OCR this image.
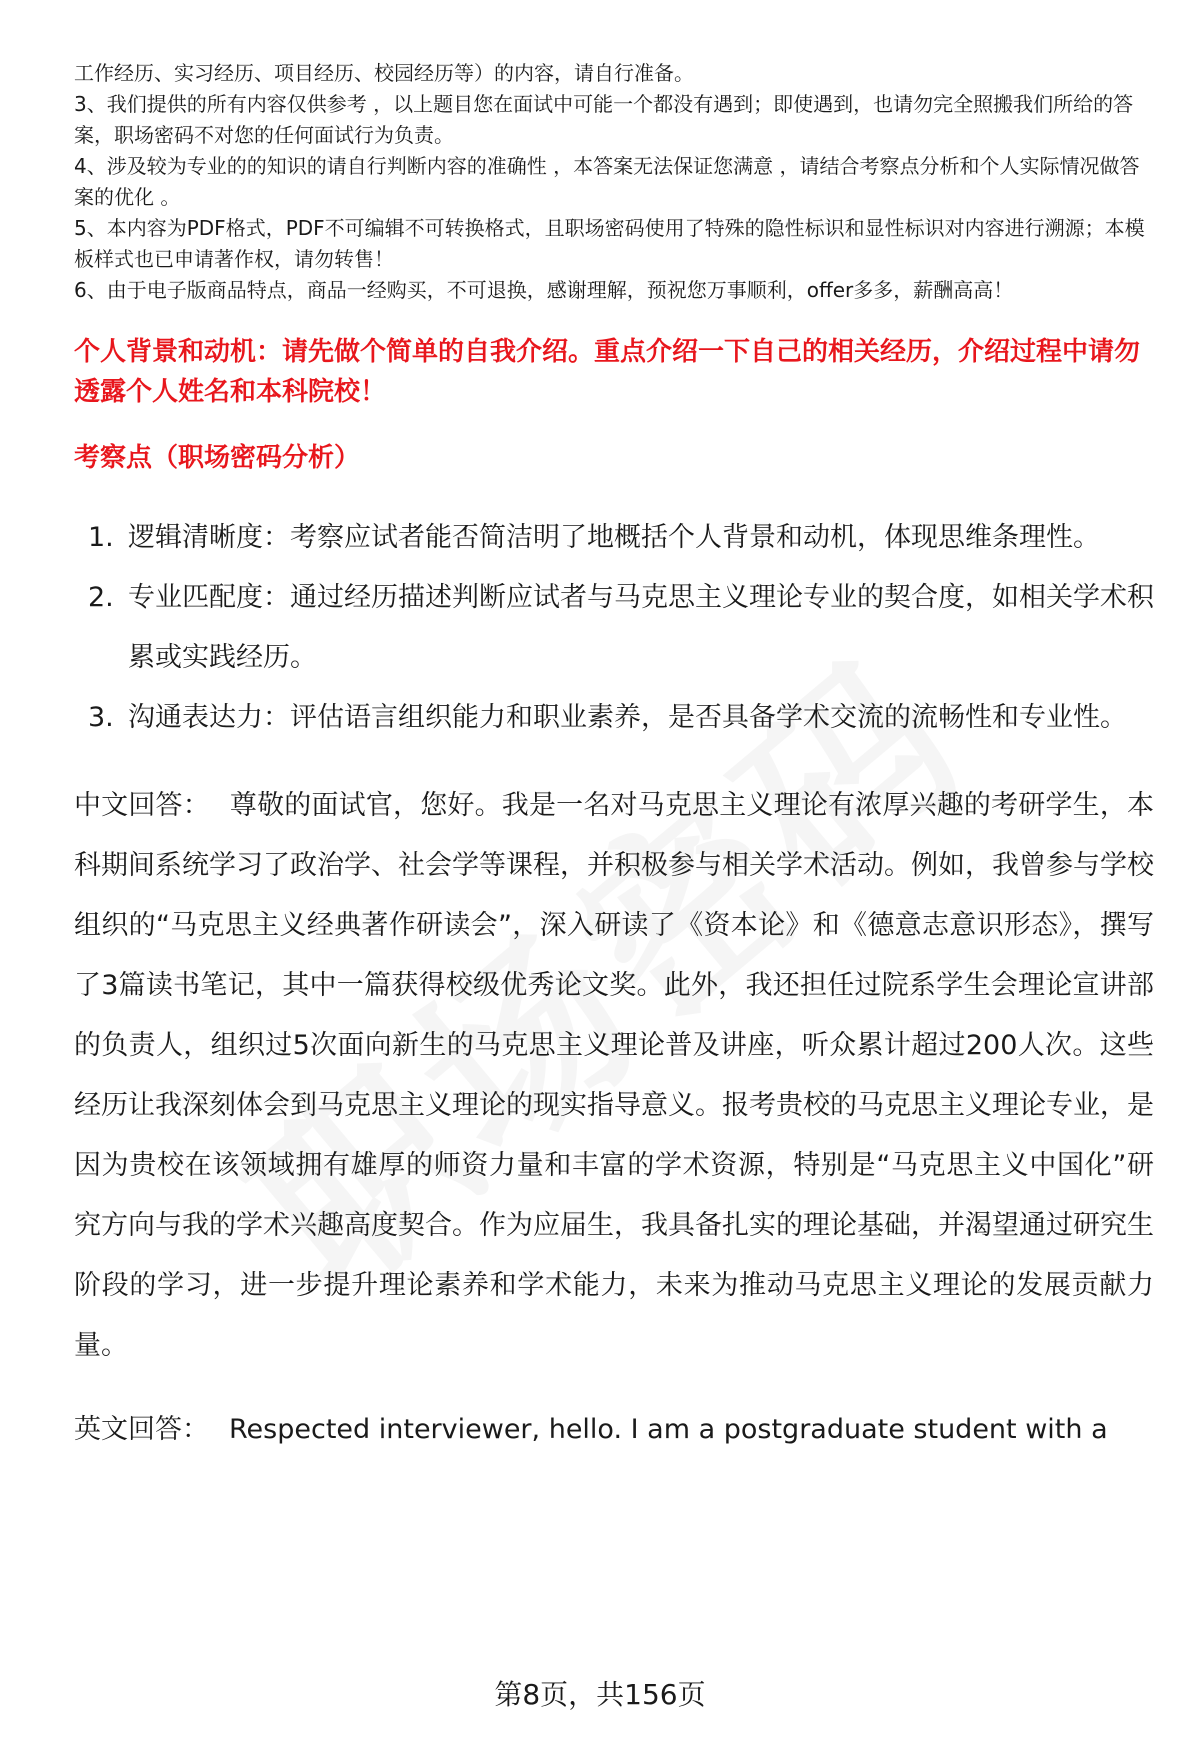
工作经历、实习经历、项目经历、校园经历等）的内容，请自行准备。

3、我们提供的所有内容仅供参考 ，以上题目您在面试中可能一个都没有遇到；即使遇到，也请勿完全照搬我们所给的答案，职场密码不对您的任何面试行为负责。

4、涉及较为专业的的知识的请自行判断内容的准确性 ，本答案无法保证您满意 ，请结合考察点分析和个人实际情况做答案的优化 。

5、本内容为PDF格式，PDF不可编辑不可转换格式，且职场密码使用了特殊的隐性标识和显性标识对内容进行溯源；本模板样式也已申请著作权，请勿转售！

6、由于电子版商品特点，商品一经购买，不可退换，感谢理解，预祝您万事顺利，offer多多，薪酬高高！

个人背景和动机：请先做个简单的自我介绍。重点介绍一下自己的相关经历，介绍过程中请勿透露个人姓名和本科院校！
考察点（职场密码分析）
1. 逻辑清晰度：考察应试者能否简洁明了地概括个人背景和动机，体现思维条理性。
2. 专业匹配度：通过经历描述判断应试者与马克思主义理论专业的契合度，如相关学术积累或实践经历。
3. 沟通表达力：评估语言组织能力和职业素养，是否具备学术交流的流畅性和专业性。
中文回答： 尊敬的面试官，您好。我是一名对马克思主义理论有浓厚兴趣的考研学生，本科期间系统学习了政治学、社会学等课程，并积极参与相关学术活动。例如，我曾参与学校组织的“马克思主义经典著作研读会”，深入研读了《资本论》和《德意志意识形态》，撰写了3篇读书笔记，其中一篇获得校级优秀论文奖。此外，我还担任过院系学生会理论宣讲部的负责人，组织过5次面向新生的马克思主义理论普及讲座，听众累计超过200人次。这些经历让我深刻体会到马克思主义理论的现实指导意义。报考贵校的马克思主义理论专业，是因为贵校在该领域拥有雄厚的师资力量和丰富的学术资源，特别是“马克思主义中国化”研究方向与我的学术兴趣高度契合。作为应届生，我具备扎实的理论基础，并渴望通过研究生阶段的学习，进一步提升理论素养和学术能力，未来为推动马克思主义理论的发展贡献力量。
英文回答： Respected interviewer, hello. I am a postgraduate student with a
第8页，共156页
